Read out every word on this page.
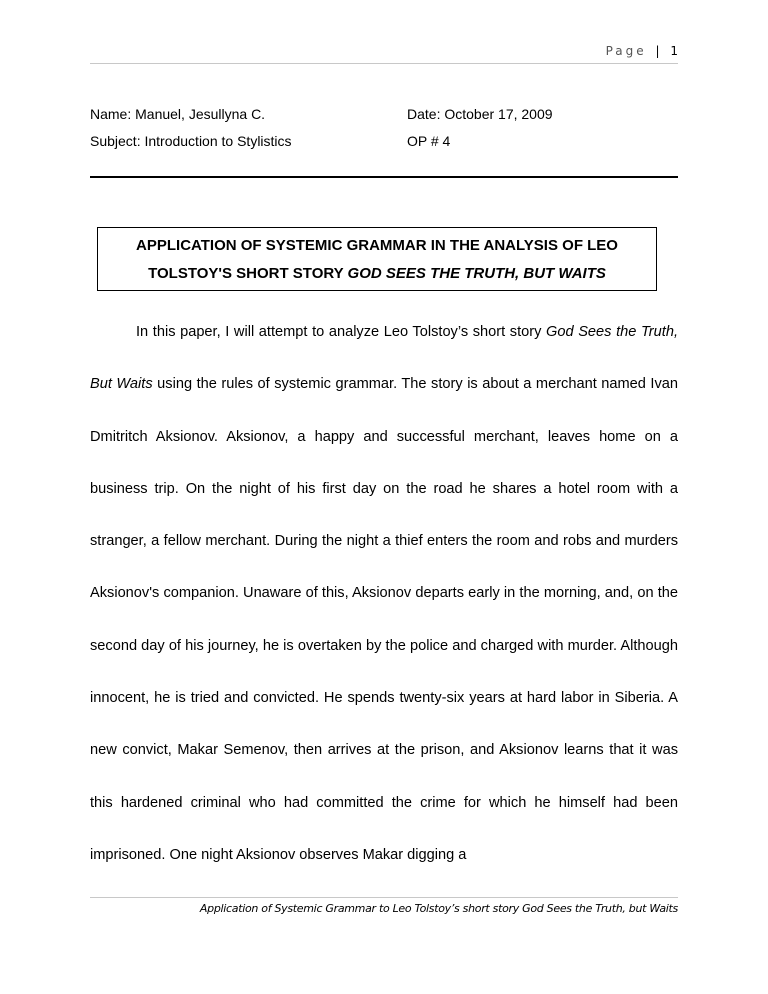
Page | 1
Name: Manuel, Jesullyna C.	Date: October 17, 2009
Subject: Introduction to Stylistics	OP # 4
APPLICATION OF SYSTEMIC GRAMMAR IN THE ANALYSIS OF LEO
TOLSTOY'S SHORT STORY GOD SEES THE TRUTH, BUT WAITS

In this paper, I will attempt to analyze Leo Tolstoy’s short story God Sees the Truth, But Waits using the rules of systemic grammar. The story is about a merchant named Ivan Dmitritch Aksionov. Aksionov, a happy and successful merchant, leaves home on a business trip. On the night of his first day on the road he shares a hotel room with a stranger, a fellow merchant. During the night a thief enters the room and robs and murders Aksionov's companion. Unaware of this, Aksionov departs early in the morning, and, on the second day of his journey, he is overtaken by the police and charged with murder. Although innocent, he is tried and convicted. He spends twenty-six years at hard labor in Siberia. A new convict, Makar Semenov, then arrives at the prison, and Aksionov learns that it was this hardened criminal who had committed the crime for which he himself had been imprisoned. One night Aksionov observes Makar digging a

Application of Systemic Grammar to Leo Tolstoy’s short story God Sees the Truth, but Waits
